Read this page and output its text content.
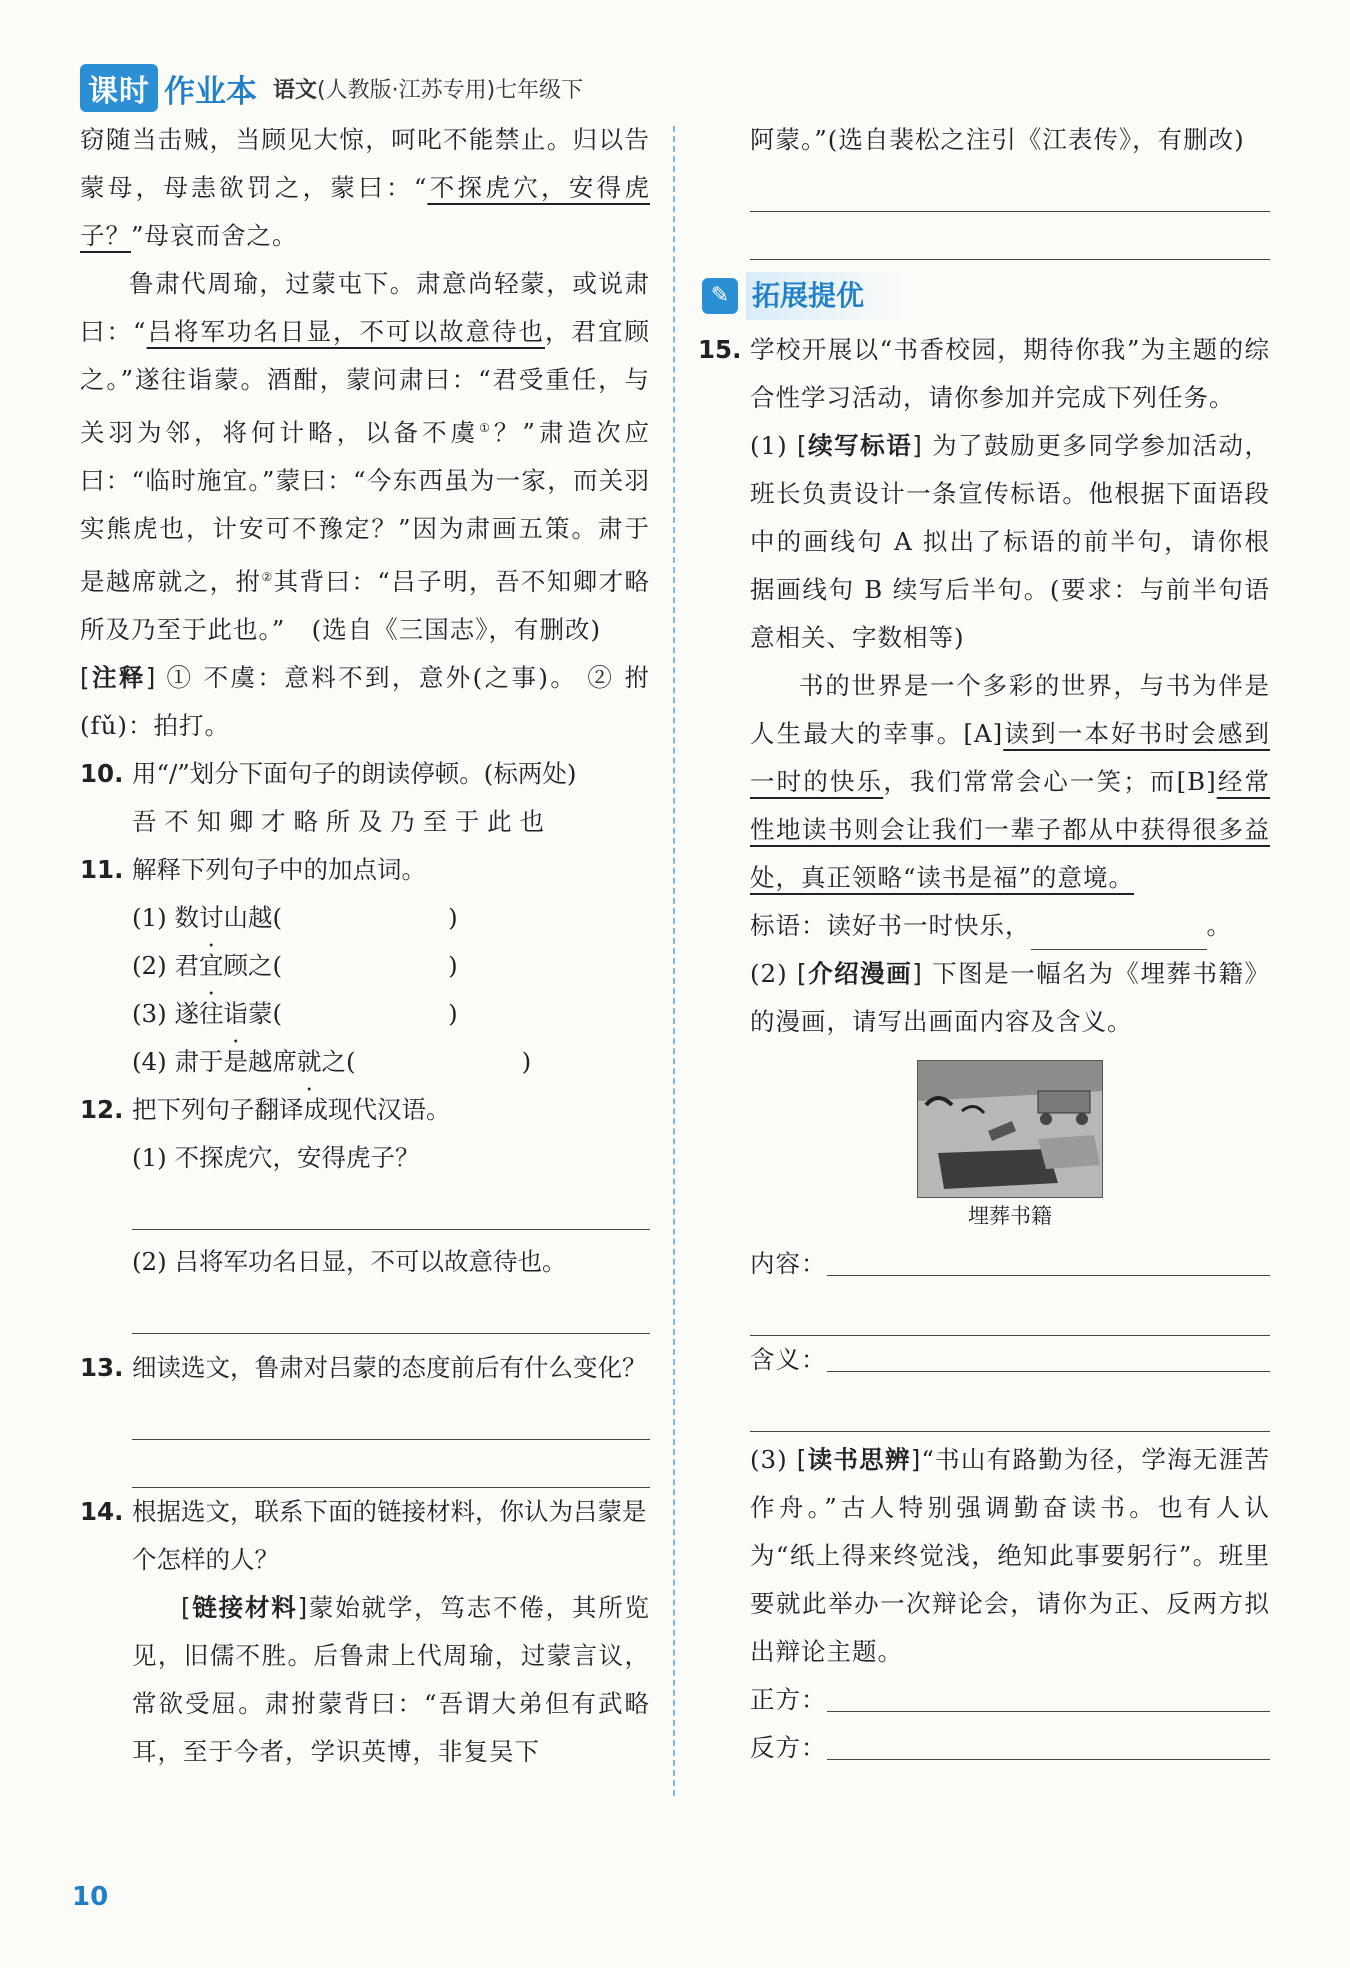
课时 作业本 语文(人教版·江苏专用)七年级下
窃随当击贼，当顾见大惊，呵叱不能禁止。归以告蒙母，母恚欲罚之，蒙曰：“不探虎穴，安得虎子？”母哀而舍之。
鲁肃代周瑜，过蒙屯下。肃意尚轻蒙，或说肃曰：“吕将军功名日显，不可以故意待也，君宜顾之。”遂往诣蒙。酒酣，蒙问肃曰：“君受重任，与关羽为邻，将何计略，以备不虞①？”肃造次应曰：“临时施宜。”蒙曰：“今东西虽为一家，而关羽实熊虎也，计安可不豫定？”因为肃画五策。肃于是越席就之，拊②其背曰：“吕子明，吾不知卿才略所及乃至于此也。” (选自《三国志》，有删改)
[注释] ① 不虞：意料不到，意外(之事)。 ② 拊(fǔ)：拍打。
10. 用“/”划分下面句子的朗读停顿。(标两处)
吾 不 知 卿 才 略 所 及 乃 至 于 此 也
11. 解释下列句子中的加点词。
(1) 数讨山越(	)
(2) 君宜顾之(	)
(3) 遂往诣蒙(	)
(4) 肃于是越席就之(	)
12. 把下列句子翻译成现代汉语。
(1) 不探虎穴，安得虎子？
(2) 吕将军功名日显，不可以故意待也。
13. 细读选文，鲁肃对吕蒙的态度前后有什么变化？
14. 根据选文，联系下面的链接材料，你认为吕蒙是个怎样的人？
[链接材料]蒙始就学，笃志不倦，其所览见，旧儒不胜。后鲁肃上代周瑜，过蒙言议，常欲受屈。肃拊蒙背曰：“吾谓大弟但有武略耳，至于今者，学识英博，非复吴下
阿蒙。”(选自裴松之注引《江表传》，有删改)
✎ 拓展提优
15. 学校开展以“书香校园，期待你我”为主题的综合性学习活动，请你参加并完成下列任务。
(1) [续写标语] 为了鼓励更多同学参加活动，班长负责设计一条宣传标语。他根据下面语段中的画线句 A 拟出了标语的前半句，请你根据画线句 B 续写后半句。(要求：与前半句语意相关、字数相等)
书的世界是一个多彩的世界，与书为伴是人生最大的幸事。[A]读到一本好书时会感到一时的快乐，我们常常会心一笑；而[B]经常性地读书则会让我们一辈子都从中获得很多益处，真正领略“读书是福”的意境。
标语：读好书一时快乐，	。
(2) [介绍漫画] 下图是一幅名为《埋葬书籍》的漫画，请写出画面内容及含义。
埋葬书籍
内容：
含义：
(3) [读书思辨]“书山有路勤为径，学海无涯苦作舟。”古人特别强调勤奋读书。也有人认为“纸上得来终觉浅，绝知此事要躬行”。班里要就此举办一次辩论会，请你为正、反两方拟出辩论主题。
正方：
反方：
10
